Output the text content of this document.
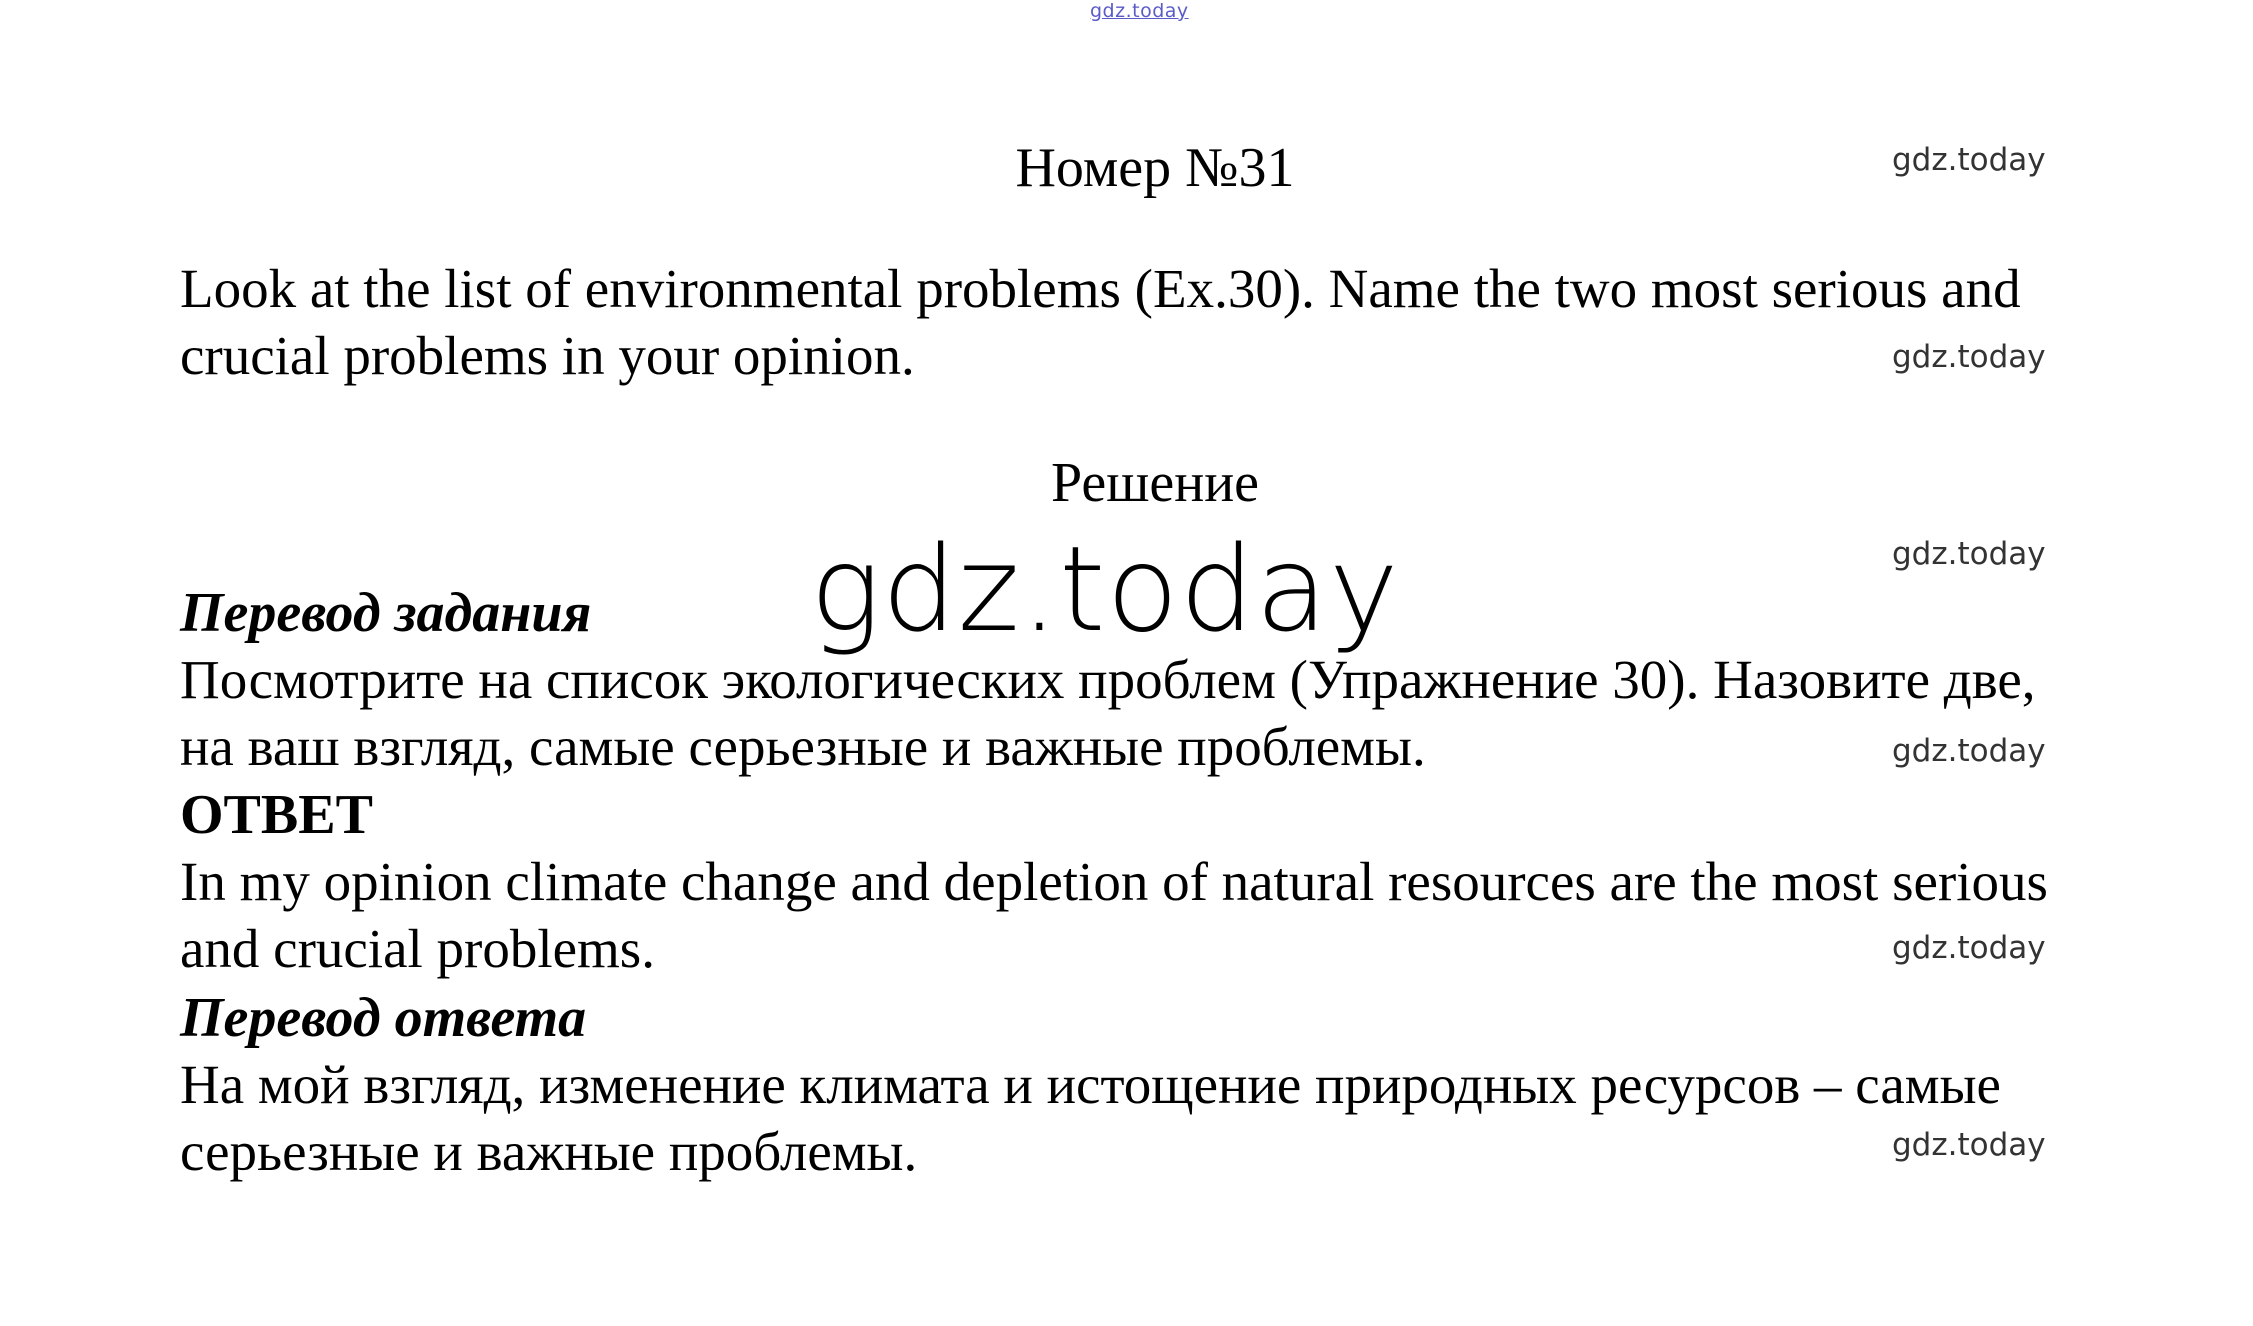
gdz.today
Номер №31	gdz.today
gdz.today
gdz.today
gdz.today
gdz.today
gdz.today

Look at the list of environmental problems (Ex.30). Name the two most serious and crucial problems in your opinion.

Решение
gdz.today
Перевод задания

Посмотрите на список экологических проблем (Упражнение 30). Назовите две, на ваш взгляд, самые серьезные и важные проблемы.

ОТВЕТ

In my opinion climate change and depletion of natural resources are the most serious and crucial problems.

Перевод ответа

На мой взгляд, изменение климата и истощение природных ресурсов – самые серьезные и важные проблемы.
